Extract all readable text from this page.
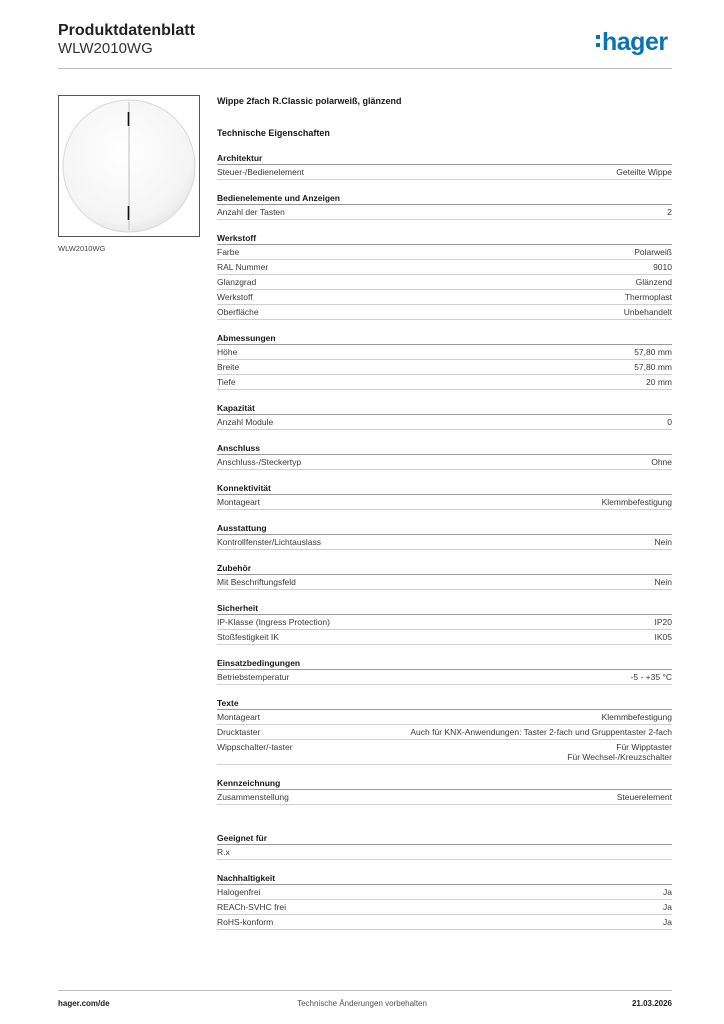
Produktdatenblatt
WLW2010WG	hager
WLW2010WG
Wippe 2fach R.Classic polarweiß, glänzend
Technische Eigenschaften
Architektur
Steuer-/Bedienelement	Geteilte Wippe
Bedienelemente und Anzeigen
Anzahl der Tasten	2
Werkstoff
Farbe	Polarweiß
RAL Nummer	9010
Glanzgrad	Glänzend
Werkstoff	Thermoplast
Oberfläche	Unbehandelt
Abmessungen
Höhe	57,80 mm
Breite	57,80 mm
Tiefe	20 mm
Kapazität
Anzahl Module	0
Anschluss
Anschluss-/Steckertyp	Ohne
Konnektivität
Montageart	Klemmbefestigung
Ausstattung
Kontrollfenster/Lichtauslass	Nein
Zubehör
Mit Beschriftungsfeld	Nein
Sicherheit
IP-Klasse (Ingress Protection)	IP20
Stoßfestigkeit IK	IK05
Einsatzbedingungen
Betriebstemperatur	-5 - +35 °C
Texte
Montageart	Klemmbefestigung
Drucktaster	Auch für KNX-Anwendungen: Taster 2-fach und Gruppentaster 2-fach
Wippschalter/-taster	Für Wipptaster
Für Wechsel-/Kreuzschalter
Kennzeichnung
Zusammenstellung	Steuerelement
Geeignet für
R.x
Nachhaltigkeit
Halogenfrei	Ja
REACh-SVHC frei	Ja
RoHS-konform	Ja
hager.com/de	Technische Änderungen vorbehalten	21.03.2026
